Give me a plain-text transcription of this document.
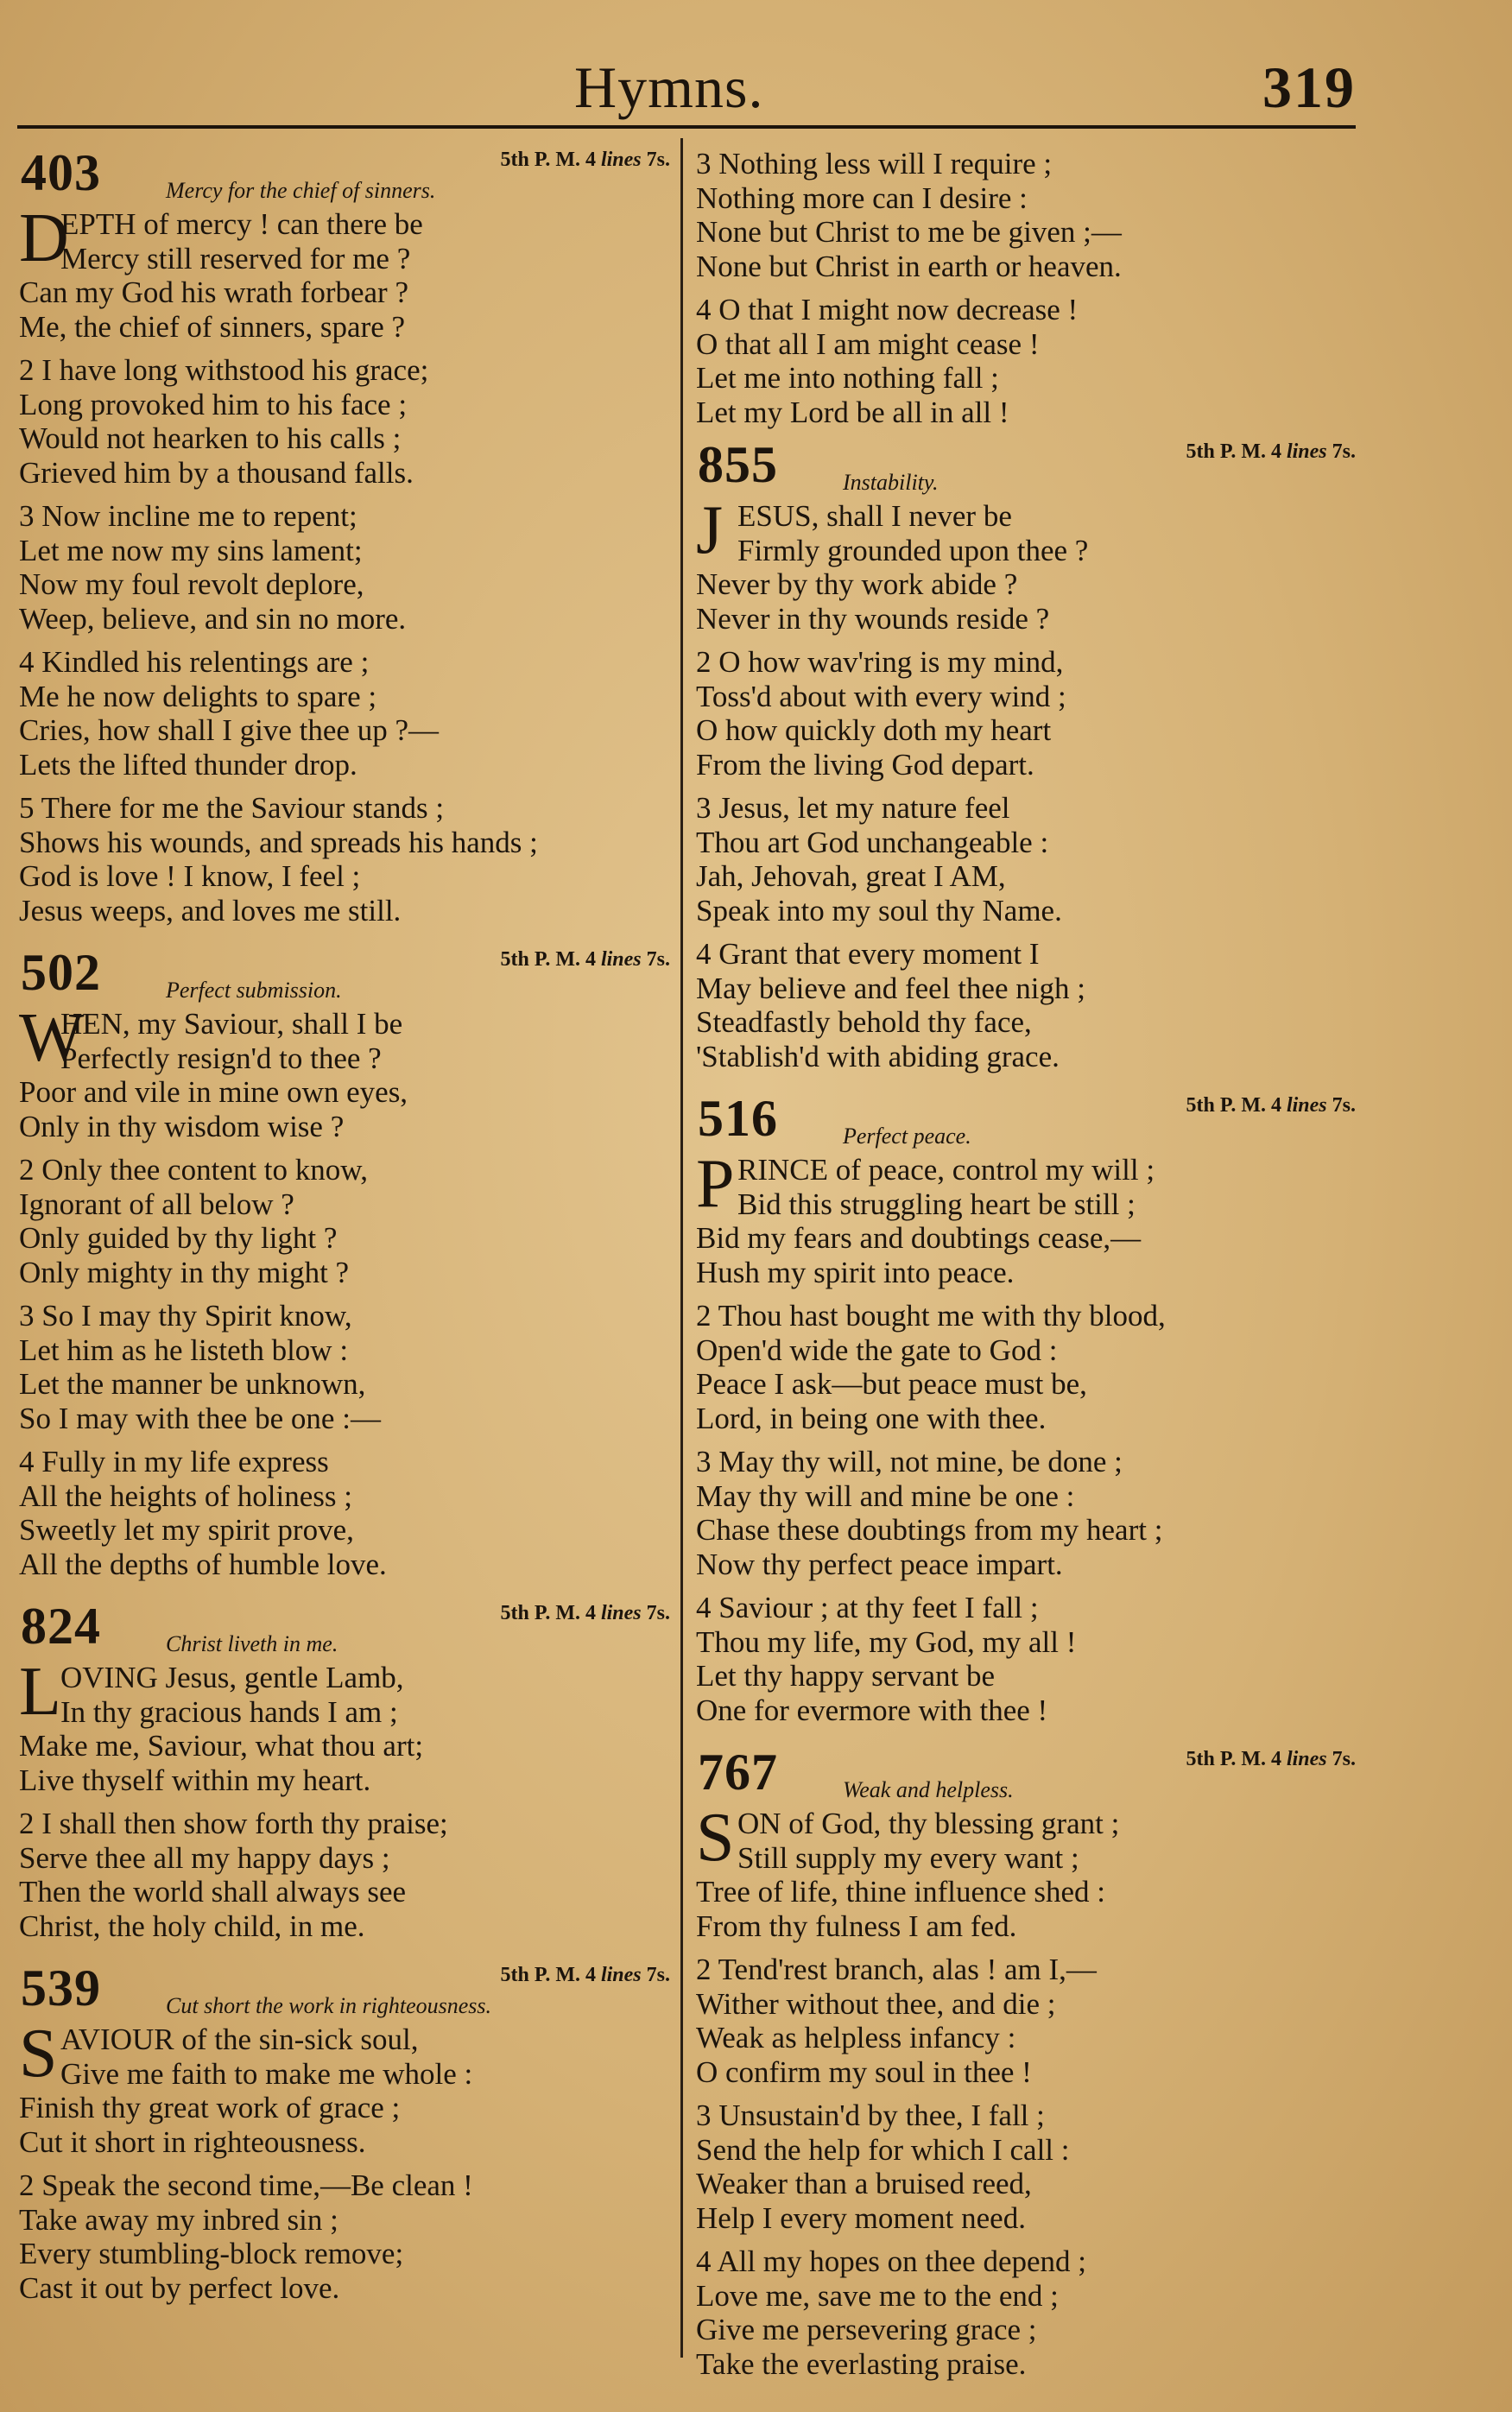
Hymns.	319
403	5th P. M. 4 lines 7s.
Mercy for the chief of sinners.
D
EPTH of mercy ! can there be
Mercy still reserved for me ?
Can my God his wrath forbear ?
Me, the chief of sinners, spare ?
2 I have long withstood his grace;
Long provoked him to his face ;
Would not hearken to his calls ;
Grieved him by a thousand falls.
3 Now incline me to repent;
Let me now my sins lament;
Now my foul revolt deplore,
Weep, believe, and sin no more.
4 Kindled his relentings are ;
Me he now delights to spare ;
Cries, how shall I give thee up ?—
Lets the lifted thunder drop.
5 There for me the Saviour stands ;
Shows his wounds, and spreads his hands ;
God is love ! I know, I feel ;
Jesus weeps, and loves me still.
502	5th P. M. 4 lines 7s.
Perfect submission.
W
HEN, my Saviour, shall I be
Perfectly resign'd to thee ?
Poor and vile in mine own eyes,
Only in thy wisdom wise ?
2 Only thee content to know,
Ignorant of all below ?
Only guided by thy light ?
Only mighty in thy might ?
3 So I may thy Spirit know,
Let him as he listeth blow :
Let the manner be unknown,
So I may with thee be one :—
4 Fully in my life express
All the heights of holiness ;
Sweetly let my spirit prove,
All the depths of humble love.
824	5th P. M. 4 lines 7s.
Christ liveth in me.
L OVING Jesus, gentle Lamb,
In thy gracious hands I am ;
Make me, Saviour, what thou art;
Live thyself within my heart.
2 I shall then show forth thy praise;
Serve thee all my happy days ;
Then the world shall always see
Christ, the holy child, in me.
539	5th P. M. 4 lines 7s.
Cut short the work in righteousness.
S AVIOUR of the sin-sick soul,
Give me faith to make me whole :
Finish thy great work of grace ;
Cut it short in righteousness.
2 Speak the second time,—Be clean !
Take away my inbred sin ;
Every stumbling-block remove;
Cast it out by perfect love.
3 Nothing less will I require ;
Nothing more can I desire :
None but Christ to me be given ;—
None but Christ in earth or heaven.
4 O that I might now decrease !
O that all I am might cease !
Let me into nothing fall ;
Let my Lord be all in all !
855	5th P. M. 4 lines 7s.
Instability.
J ESUS, shall I never be
Firmly grounded upon thee ?
Never by thy work abide ?
Never in thy wounds reside ?
2 O how wav'ring is my mind,
Toss'd about with every wind ;
O how quickly doth my heart
From the living God depart.
3 Jesus, let my nature feel
Thou art God unchangeable :
Jah, Jehovah, great I AM,
Speak into my soul thy Name.
4 Grant that every moment I
May believe and feel thee nigh ;
Steadfastly behold thy face,
'Stablish'd with abiding grace.
516	5th P. M. 4 lines 7s.
Perfect peace.
P RINCE of peace, control my will ;
Bid this struggling heart be still ;
Bid my fears and doubtings cease,—
Hush my spirit into peace.
2 Thou hast bought me with thy blood,
Open'd wide the gate to God :
Peace I ask—but peace must be,
Lord, in being one with thee.
3 May thy will, not mine, be done ;
May thy will and mine be one :
Chase these doubtings from my heart ;
Now thy perfect peace impart.
4 Saviour ; at thy feet I fall ;
Thou my life, my God, my all !
Let thy happy servant be
One for evermore with thee !
767	5th P. M. 4 lines 7s.
Weak and helpless.
S ON of God, thy blessing grant ;
Still supply my every want ;
Tree of life, thine influence shed :
From thy fulness I am fed.
2 Tend'rest branch, alas ! am I,—
Wither without thee, and die ;
Weak as helpless infancy :
O confirm my soul in thee !
3 Unsustain'd by thee, I fall ;
Send the help for which I call :
Weaker than a bruised reed,
Help I every moment need.
4 All my hopes on thee depend ;
Love me, save me to the end ;
Give me persevering grace ;
Take the everlasting praise.
